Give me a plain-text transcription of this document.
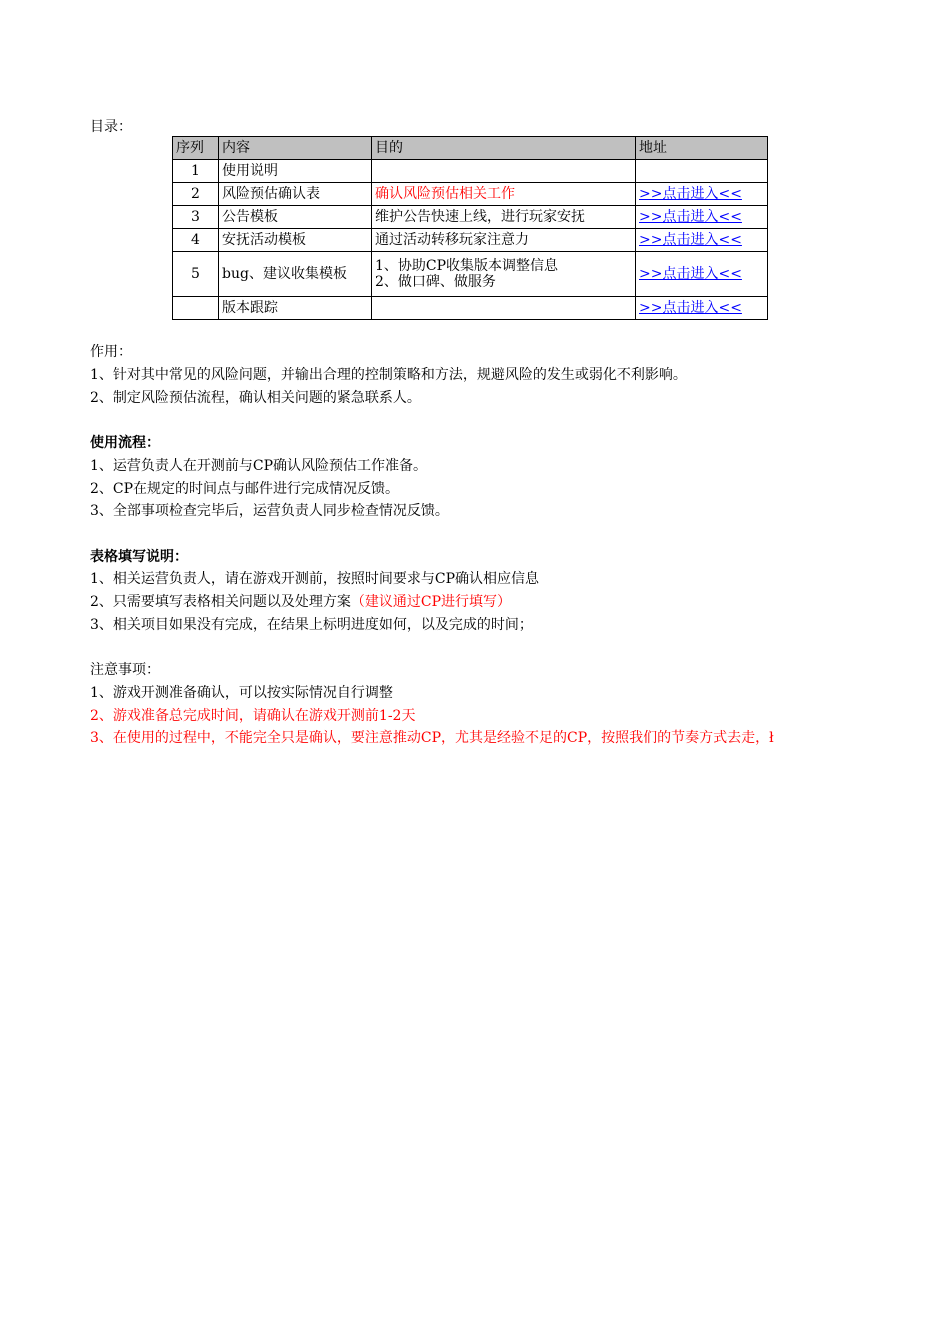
目录：
序列	内容	目的	地址
1	使用说明		
2	风险预估确认表	确认风险预估相关工作	>>点击进入<<
3	公告模板	维护公告快速上线，进行玩家安抚	>>点击进入<<
4	安抚活动模板	通过活动转移玩家注意力	>>点击进入<<
5	bug、建议收集模板	1、协助CP收集版本调整信息
2、做口碑、做服务	>>点击进入<<
	版本跟踪		>>点击进入<<
作用：
1、针对其中常见的风险问题，并输出合理的控制策略和方法，规避风险的发生或弱化不利影响。
2、制定风险预估流程，确认相关问题的紧急联系人。
使用流程：
1、运营负责人在开测前与CP确认风险预估工作准备。
2、CP在规定的时间点与邮件进行完成情况反馈。
3、全部事项检查完毕后，运营负责人同步检查情况反馈。
表格填写说明：
1、相关运营负责人，请在游戏开测前，按照时间要求与CP确认相应信息
2、只需要填写表格相关问题以及处理方案（建议通过CP进行填写）
3、相关项目如果没有完成，在结果上标明进度如何，以及完成的时间；
注意事项：
1、游戏开测准备确认，可以按实际情况自行调整
2、游戏准备总完成时间，请确认在游戏开测前1-2天
3、在使用的过程中，不能完全只是确认，要注意推动CP，尤其是经验不足的CP，按照我们的节奏方式去走，ł
